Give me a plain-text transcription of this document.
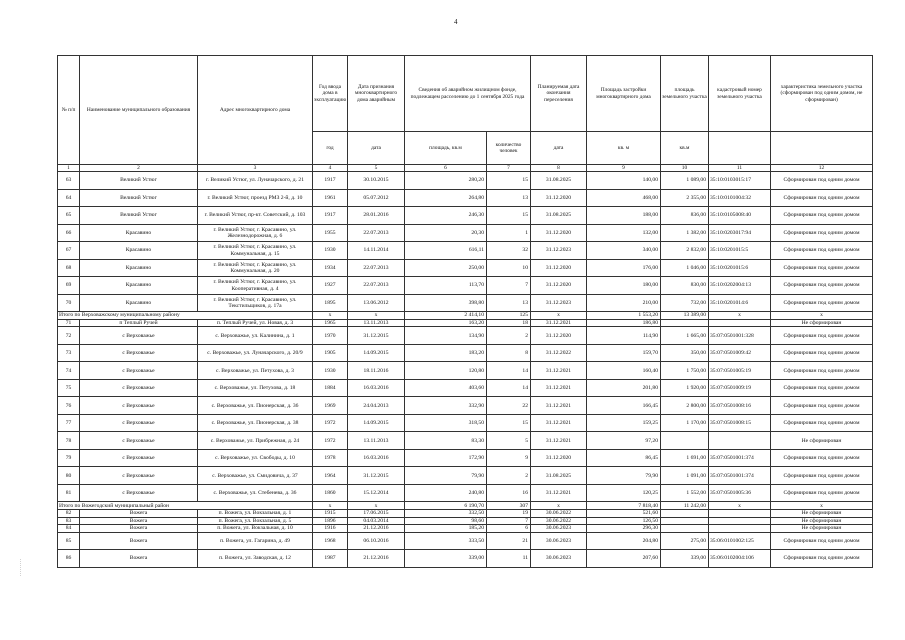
4
№ п/п	Наименование муниципального образования	Адрес многоквартирного дома	Год ввода дома в эксплуатацию	Дата признания многоквартирного дома аварийным	Сведения об аварийном жилищном фонде, подлежащем расселению до 1 сентября 2025 года		Планируемая дата окончания переселения	Площадь застройки многоквартирного дома	площадь земельного участка	кадастровый номер земельного участка	характеристика земельного участка (сформирован под одним домом, не сформирован)
			год	дата	площадь, кв.м	количество человек	дата	кв. м	кв.м		
1	2	3	4	5	6	7	8	9	10	11	12
63	Великий Устюг	г. Великий Устюг, ул. Луначарского, д. 21	1917	30.10.2015	280,20	15	31.08.2025	140,00	1 089,00	35:10:0103015:17	Сформирован под одним домом
64	Великий Устюг	г. Великий Устюг, проезд РМЗ 2-й, д. 10	1961	05.07.2012	264,80	13	31.12.2020	468,00	2 355,00	35:10:0101004:32	Сформирован под одним домом
65	Великий Устюг	г. Великий Устюг, пр-кт. Советский, д. 103	1917	28.01.2016	246,30	15	31.08.2025	188,00	836,00	35:10:0105008:40	Сформирован под одним домом
66	Красавино	г. Великий Устюг, г. Красавино, ул. Железнодорожная, д. 6	1955	22.07.2013	20,30	1	31.12.2020	132,00	1 382,00	35:10:0203017:94	Сформирован под одним домом
67	Красавино	г. Великий Устюг, г. Красавино, ул. Коммунальная, д. 15	1930	14.11.2014	616,11	32	31.12.2023	340,00	2 832,00	35:10:0201015:5	Сформирован под одним домом
68	Красавино	г. Великий Устюг, г. Красавино, ул. Коммунальная, д. 20	1934	22.07.2013	250,00	10	31.12.2020	176,00	1 046,00	35:10:0201015:6	Сформирован под одним домом
69	Красавино	г. Великий Устюг, г. Красавино, ул. Кооперативная, д. 4	1927	22.07.2013	113,70	7	31.12.2020	180,00	830,00	35:10:0202004:13	Сформирован под одним домом
70	Красавино	г. Великий Устюг, г. Красавино, ул. Текстильщиков, д. 17а	1895	13.06.2012	398,80	13	31.12.2023	210,00	732,00	35:10:0201014:6	Сформирован под одним домом
Итого по Верховажскому муниципальному району			x	x	2 414,10	125	x	1 553,20	13 389,00	x	x
71	п Теплый Ручей	п. Теплый Ручей, ул. Новая, д. 3	1965	13.11.2013	163,20	18	31.12.2021	186,80			Не сформирован
72	с Верховажье	с. Верховажье, ул. Калинина, д. 1	1970	31.12.2015	134,90	2	31.12.2020	114,90	1 665,00	35:07:0501001:328	Сформирован под одним домом
73	с Верховажье	с. Верховажье, ул. Луначарского, д. 20/9	1905	14.09.2015	183,20	8	31.12.2022	159,70	350,00	35:07:0501009:42	Сформирован под одним домом
74	с Верховажье	с. Верховажье, ул. Петухова, д. 3	1930	18.11.2016	120,80	14	31.12.2021	160,40	1 750,00	35:07:0501005:19	Сформирован под одним домом
75	с Верховажье	с. Верховажье, ул. Петухова, д. 18	1884	16.03.2016	403,60	14	31.12.2021	201,80	1 920,00	35:07:0501009:19	Сформирован под одним домом
76	с Верховажье	с. Верховажье, ул. Пионерская, д. 36	1969	24.04.2013	332,90	22	31.12.2021	166,45	2 800,00	35:07:0501008:16	Сформирован под одним домом
77	с Верховажье	с. Верховажье, ул. Пионерская, д. 38	1972	14.09.2015	318,50	15	31.12.2021	159,25	1 170,00	35:07:0501008:15	Сформирован под одним домом
78	с Верховажье	с. Верховажье, ул. Прибрежная, д. 24	1972	13.11.2013	83,30	5	31.12.2021	97,20			Не сформирован
79	с Верховажье	с. Верховажье, ул. Свободы, д. 10	1978	16.03.2016	172,90	9	31.12.2020	86,45	1 691,00	35:07:0501001:374	Сформирован под одним домом
80	с Верховажье	с. Верховажье, ул. Смидовича, д. 37	1964	31.12.2015	79,90	2	31.08.2025	79,90	1 091,00	35:07:0501001:374	Сформирован под одним домом
81	с Верховажье	с. Верховажье, ул. Стебенева, д. 36	1860	15.12.2014	240,80	16	31.12.2021	120,25	1 552,00	35:07:0501005:36	Сформирован под одним домом
Итого по Вожегодский муниципальный район			x	x	6 190,70	307	x	7 818,40	11 242,00	x	x
82	Вожега	п. Вожега, ул. Вокзальная, д. 1	1915	17.06.2015	332,50	19	30.06.2022	521,60			Не сформирован
83	Вожега	п. Вожега, ул. Вокзальная, д. 5	1896	04.03.2014	98,60	7	30.06.2022	126,50			Не сформирован
84	Вожега	п. Вожега, ул. Вокзальная, д. 10	1916	21.12.2016	185,20	6	30.06.2023	296,30			Не сформирован
85	Вожега	п. Вожега, ул. Гагарина, д. 49	1968	06.10.2016	333,50	21	30.06.2023	204,80	275,00	35:06:0101002:125	Сформирован под одним домом
86	Вожега	п. Вожега, ул. Заводская, д. 12	1987	21.12.2016	339,00	11	30.06.2023	207,60	339,00	35:06:0102004:106	Сформирован под одним домом
⋮
⋮
⋮
